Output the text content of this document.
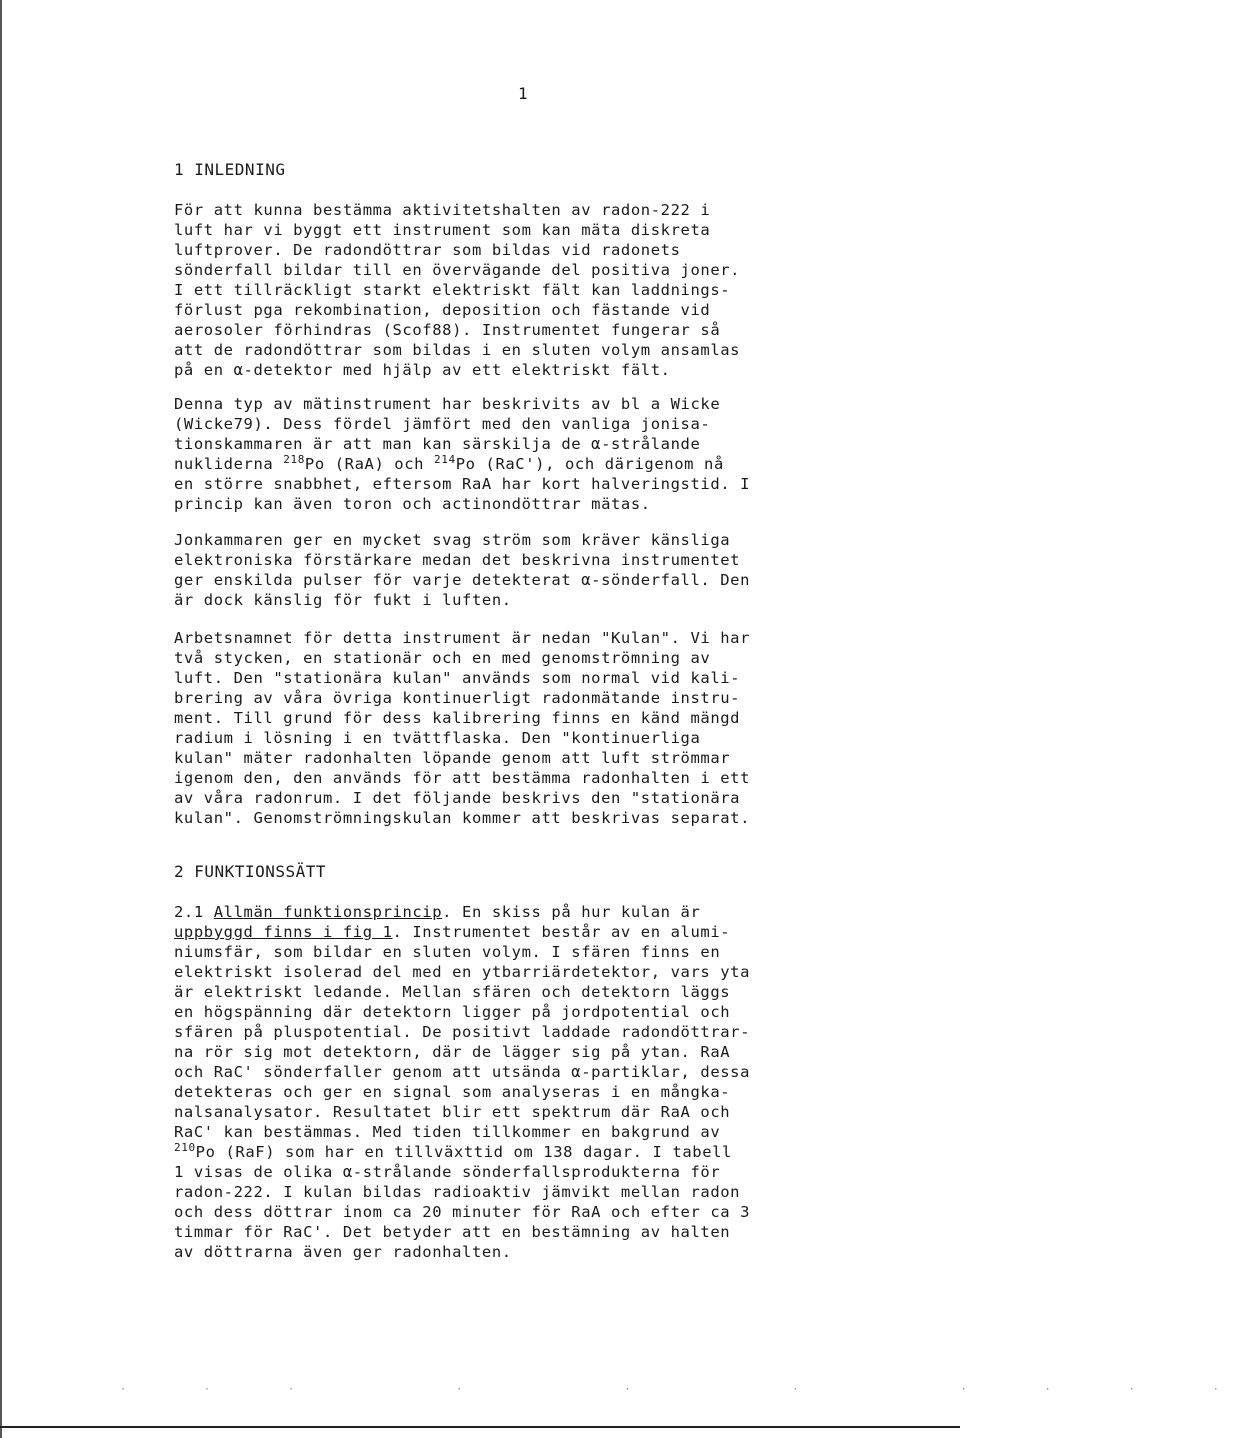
1
1 INLEDNING
För att kunna bestämma aktivitetshalten av radon-222 i
luft har vi byggt ett instrument som kan mäta diskreta
luftprover. De radondöttrar som bildas vid radonets
sönderfall bildar till en övervägande del positiva joner.
I ett tillräckligt starkt elektriskt fält kan laddnings-
förlust pga rekombination, deposition och fästande vid
aerosoler förhindras (Scof88). Instrumentet fungerar så
att de radondöttrar som bildas i en sluten volym ansamlas
på en α-detektor med hjälp av ett elektriskt fält.
Denna typ av mätinstrument har beskrivits av bl a Wicke
(Wicke79). Dess fördel jämfört med den vanliga jonisa-
tionskammaren är att man kan särskilja de α-strålande
nukliderna $^{218}$Po (RaA) och $^{214}$Po (RaC'), och därigenom nå
en större snabbhet, eftersom RaA har kort halveringstid. I
princip kan även toron och actinondöttrar mätas.
Jonkammaren ger en mycket svag ström som kräver känsliga
elektroniska förstärkare medan det beskrivna instrumentet
ger enskilda pulser för varje detekterat α-sönderfall. Den
är dock känslig för fukt i luften.
Arbetsnamnet för detta instrument är nedan "Kulan". Vi har
två stycken, en stationär och en med genomströmning av
luft. Den "stationära kulan" används som normal vid kali-
brering av våra övriga kontinuerligt radonmätande instru-
ment. Till grund för dess kalibrering finns en känd mängd
radium i lösning i en tvättflaska. Den "kontinuerliga
kulan" mäter radonhalten löpande genom att luft strömmar
igenom den, den används för att bestämma radonhalten i ett
av våra radonrum. I det följande beskrivs den "stationära
kulan". Genomströmningskulan kommer att beskrivas separat.
2 FUNKTIONSSÄTT
2.1 Allmän funktionsprincip. En skiss på hur kulan är
uppbyggd finns i fig 1. Instrumentet består av en alumi-
niumsfär, som bildar en sluten volym. I sfären finns en
elektriskt isolerad del med en ytbarriärdetektor, vars yta
är elektriskt ledande. Mellan sfären och detektorn läggs
en högspänning där detektorn ligger på jordpotential och
sfären på pluspotential. De positivt laddade radondöttrar-
na rör sig mot detektorn, där de lägger sig på ytan. RaA
och RaC' sönderfaller genom att utsända α-partiklar, dessa
detekteras och ger en signal som analyseras i en mångka-
nalsanalysator. Resultatet blir ett spektrum där RaA och
RaC' kan bestämmas. Med tiden tillkommer en bakgrund av
$^{210}$Po (RaF) som har en tillväxttid om 138 dagar. I tabell
1 visas de olika α-strålande sönderfallsprodukterna för
radon-222. I kulan bildas radioaktiv jämvikt mellan radon
och dess döttrar inom ca 20 minuter för RaA och efter ca 3
timmar för RaC'. Det betyder att en bestämning av halten
av döttrarna även ger radonhalten.
·  ·  ·     ·     ·     ·     ·  ·  ·  ·
